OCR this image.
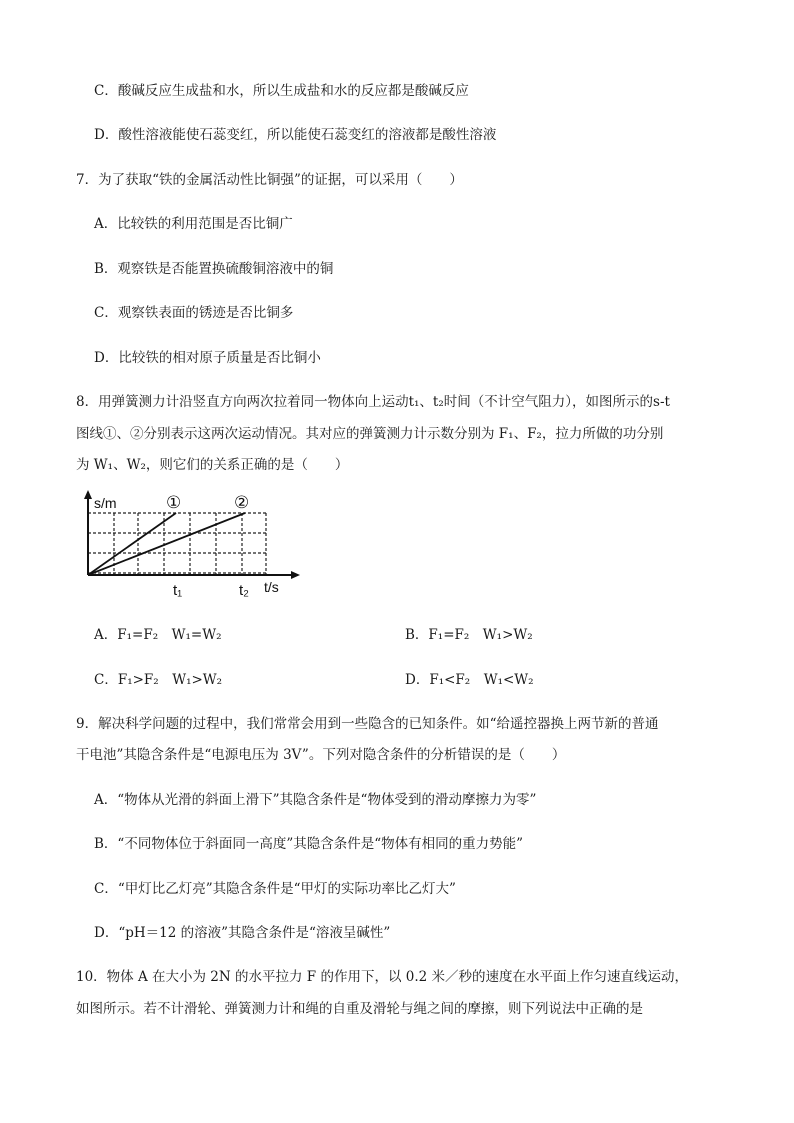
C．酸碱反应生成盐和水，所以生成盐和水的反应都是酸碱反应
D．酸性溶液能使石蕊变红，所以能使石蕊变红的溶液都是酸性溶液
7．为了获取“铁的金属活动性比铜强”的证据，可以采用（　　）
A．比较铁的利用范围是否比铜广
B．观察铁是否能置换硫酸铜溶液中的铜
C．观察铁表面的锈迹是否比铜多
D．比较铁的相对原子质量是否比铜小
8．用弹簧测力计沿竖直方向两次拉着同一物体向上运动t₁、t₂时间（不计空气阻力），如图所示的s-t
图线①、②分别表示这两次运动情况。其对应的弹簧测力计示数分别为 F₁、F₂，拉力所做的功分别
为 W₁、W₂，则它们的关系正确的是（　　）
s/m
t/s
①	②
t₁	t₂
A．F₁=F₂　W₁=W₂	B．F₁=F₂　W₁>W₂
C．F₁>F₂　W₁>W₂	D．F₁<F₂　W₁<W₂
9．解决科学问题的过程中，我们常常会用到一些隐含的已知条件。如“给遥控器换上两节新的普通
干电池”其隐含条件是“电源电压为 3V”。下列对隐含条件的分析错误的是（　　）
A．“物体从光滑的斜面上滑下”其隐含条件是“物体受到的滑动摩擦力为零”
B．“不同物体位于斜面同一高度”其隐含条件是“物体有相同的重力势能”
C．“甲灯比乙灯亮”其隐含条件是“甲灯的实际功率比乙灯大”
D．“pH＝12 的溶液”其隐含条件是“溶液呈碱性”
10．物体 A 在大小为 2N 的水平拉力 F 的作用下，以 0.2 米／秒的速度在水平面上作匀速直线运动，
如图所示。若不计滑轮、弹簧测力计和绳的自重及滑轮与绳之间的摩擦，则下列说法中正确的是
